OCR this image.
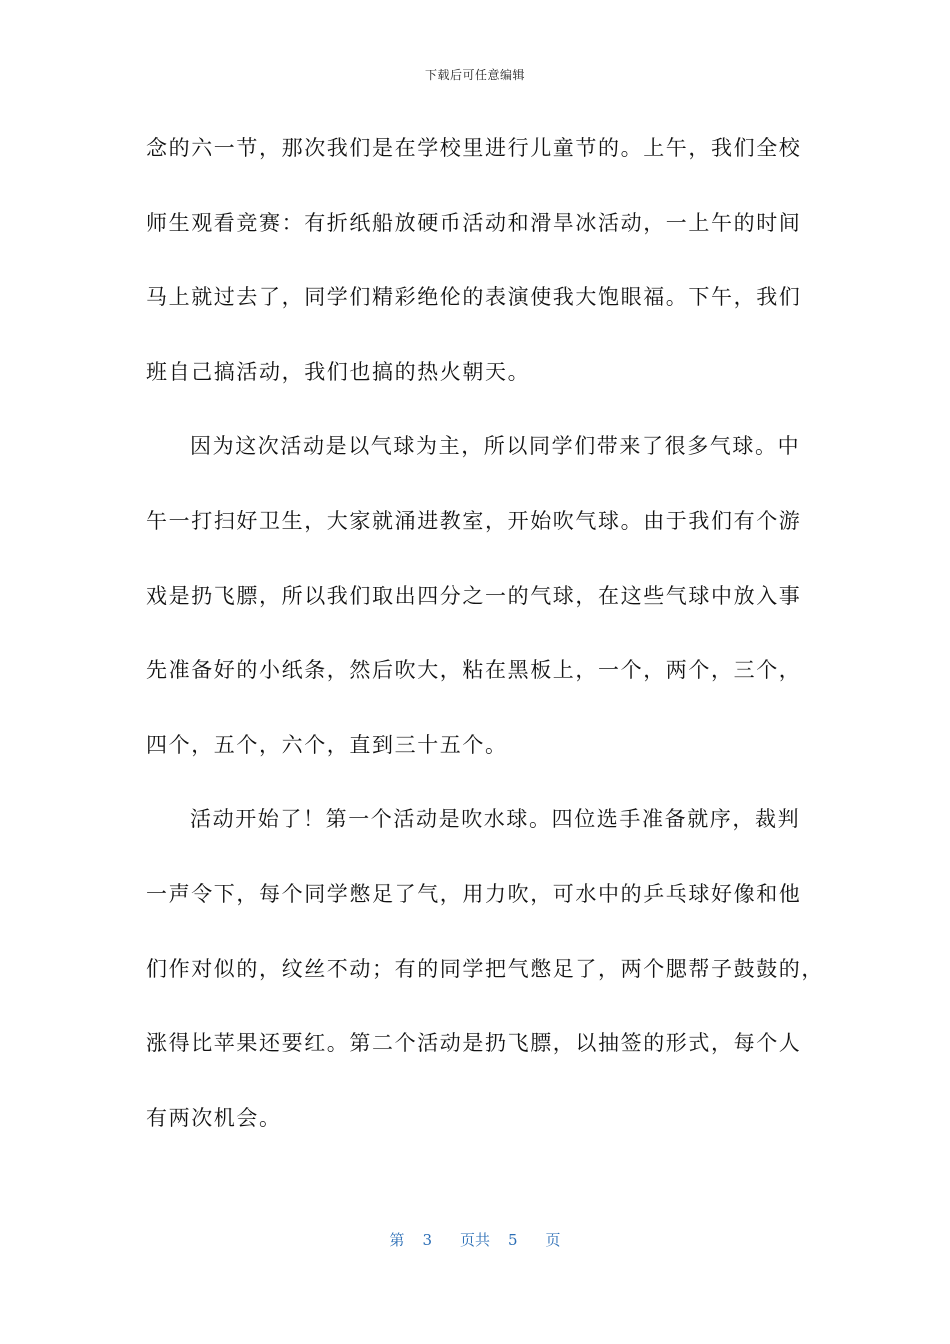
下载后可任意编辑
念的六一节，那次我们是在学校里进行儿童节的。上午，我们全校
师生观看竞赛：有折纸船放硬币活动和滑旱冰活动，一上午的时间
马上就过去了，同学们精彩绝伦的表演使我大饱眼福。下午，我们
班自己搞活动，我们也搞的热火朝天。
因为这次活动是以气球为主，所以同学们带来了很多气球。中
午一打扫好卫生，大家就涌进教室，开始吹气球。由于我们有个游
戏是扔飞膘，所以我们取出四分之一的气球，在这些气球中放入事
先准备好的小纸条，然后吹大，粘在黑板上，一个，两个，三个，
四个，五个，六个，直到三十五个。
活动开始了！第一个活动是吹水球。四位选手准备就序，裁判
一声令下，每个同学憋足了气，用力吹，可水中的乒乓球好像和他
们作对似的，纹丝不动；有的同学把气憋足了，两个腮帮子鼓鼓的，
涨得比苹果还要红。第二个活动是扔飞膘，以抽签的形式，每个人
有两次机会。
第 3 页共 5 页
